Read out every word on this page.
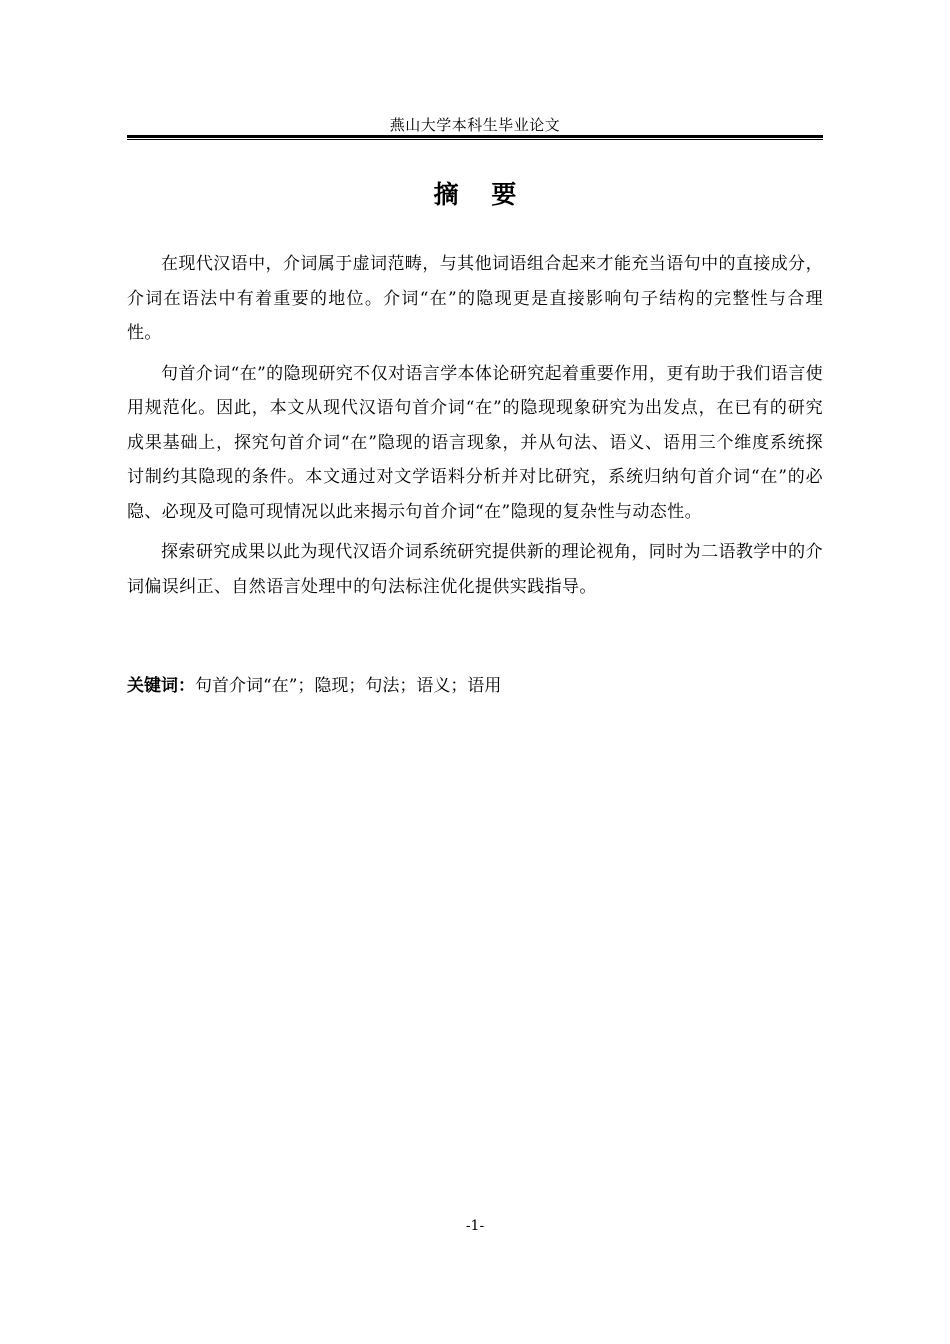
燕山大学本科生毕业论文
摘 要

在现代汉语中，介词属于虚词范畴，与其他词语组合起来才能充当语句中的直接成分，介词在语法中有着重要的地位。介词“在”的隐现更是直接影响句子结构的完整性与合理性。

句首介词“在”的隐现研究不仅对语言学本体论研究起着重要作用，更有助于我们语言使用规范化。因此，本文从现代汉语句首介词“在”的隐现现象研究为出发点，在已有的研究成果基础上，探究句首介词“在”隐现的语言现象，并从句法、语义、语用三个维度系统探讨制约其隐现的条件。本文通过对文学语料分析并对比研究，系统归纳句首介词“在”的必隐、必现及可隐可现情况以此来揭示句首介词“在”隐现的复杂性与动态性。

探索研究成果以此为现代汉语介词系统研究提供新的理论视角，同时为二语教学中的介词偏误纠正、自然语言处理中的句法标注优化提供实践指导。

关键词：句首介词“在”；隐现；句法；语义；语用
-1-
